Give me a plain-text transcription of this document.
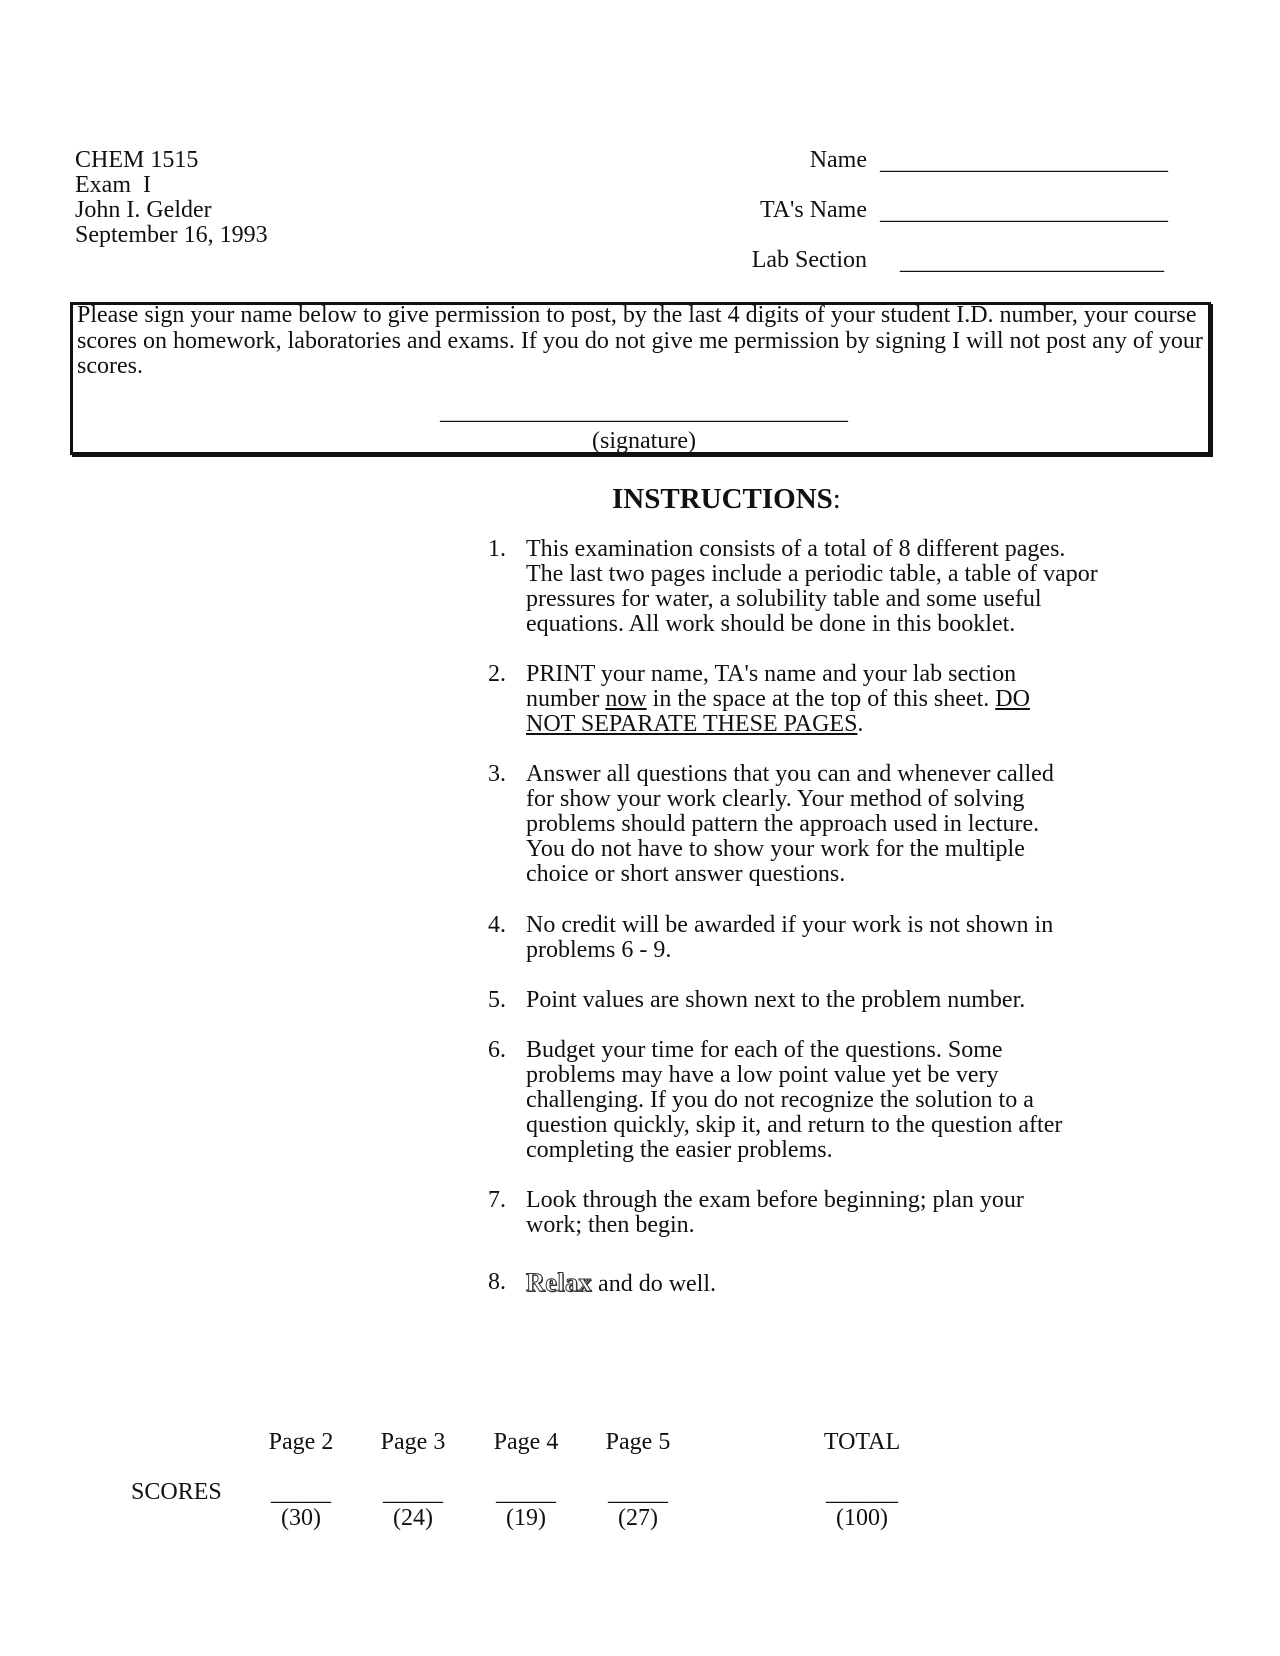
CHEM 1515
Exam  I
John I. Gelder
September 16, 1993
Name ________________________
TA's Name ________________________
Lab Section ______________________
Please sign your name below to give permission to post, by the last 4 digits of your student I.D. number, your course scores on homework, laboratories and exams. If you do not give me permission by signing I will not post any of your scores.
__________________________________
(signature)
INSTRUCTIONS:
1. This examination consists of a total of 8 different pages.
The last two pages include a periodic table, a table of vapor
pressures for water, a solubility table and some useful
equations. All work should be done in this booklet.
2. PRINT your name, TA's name and your lab section
number now in the space at the top of this sheet. DO
NOT SEPARATE THESE PAGES.
3. Answer all questions that you can and whenever called
for show your work clearly. Your method of solving
problems should pattern the approach used in lecture.
You do not have to show your work for the multiple
choice or short answer questions.
4. No credit will be awarded if your work is not shown in
problems 6 - 9.
5. Point values are shown next to the problem number.
6. Budget your time for each of the questions. Some
problems may have a low point value yet be very
challenging. If you do not recognize the solution to a
question quickly, skip it, and return to the question after
completing the easier problems.
7. Look through the exam before beginning; plan your
work; then begin.
8. Relax and do well.
SCORES
Page 2
_____
(30)
Page 3
_____
(24)
Page 4
_____
(19)
Page 5
_____
(27)
TOTAL
______
(100)
